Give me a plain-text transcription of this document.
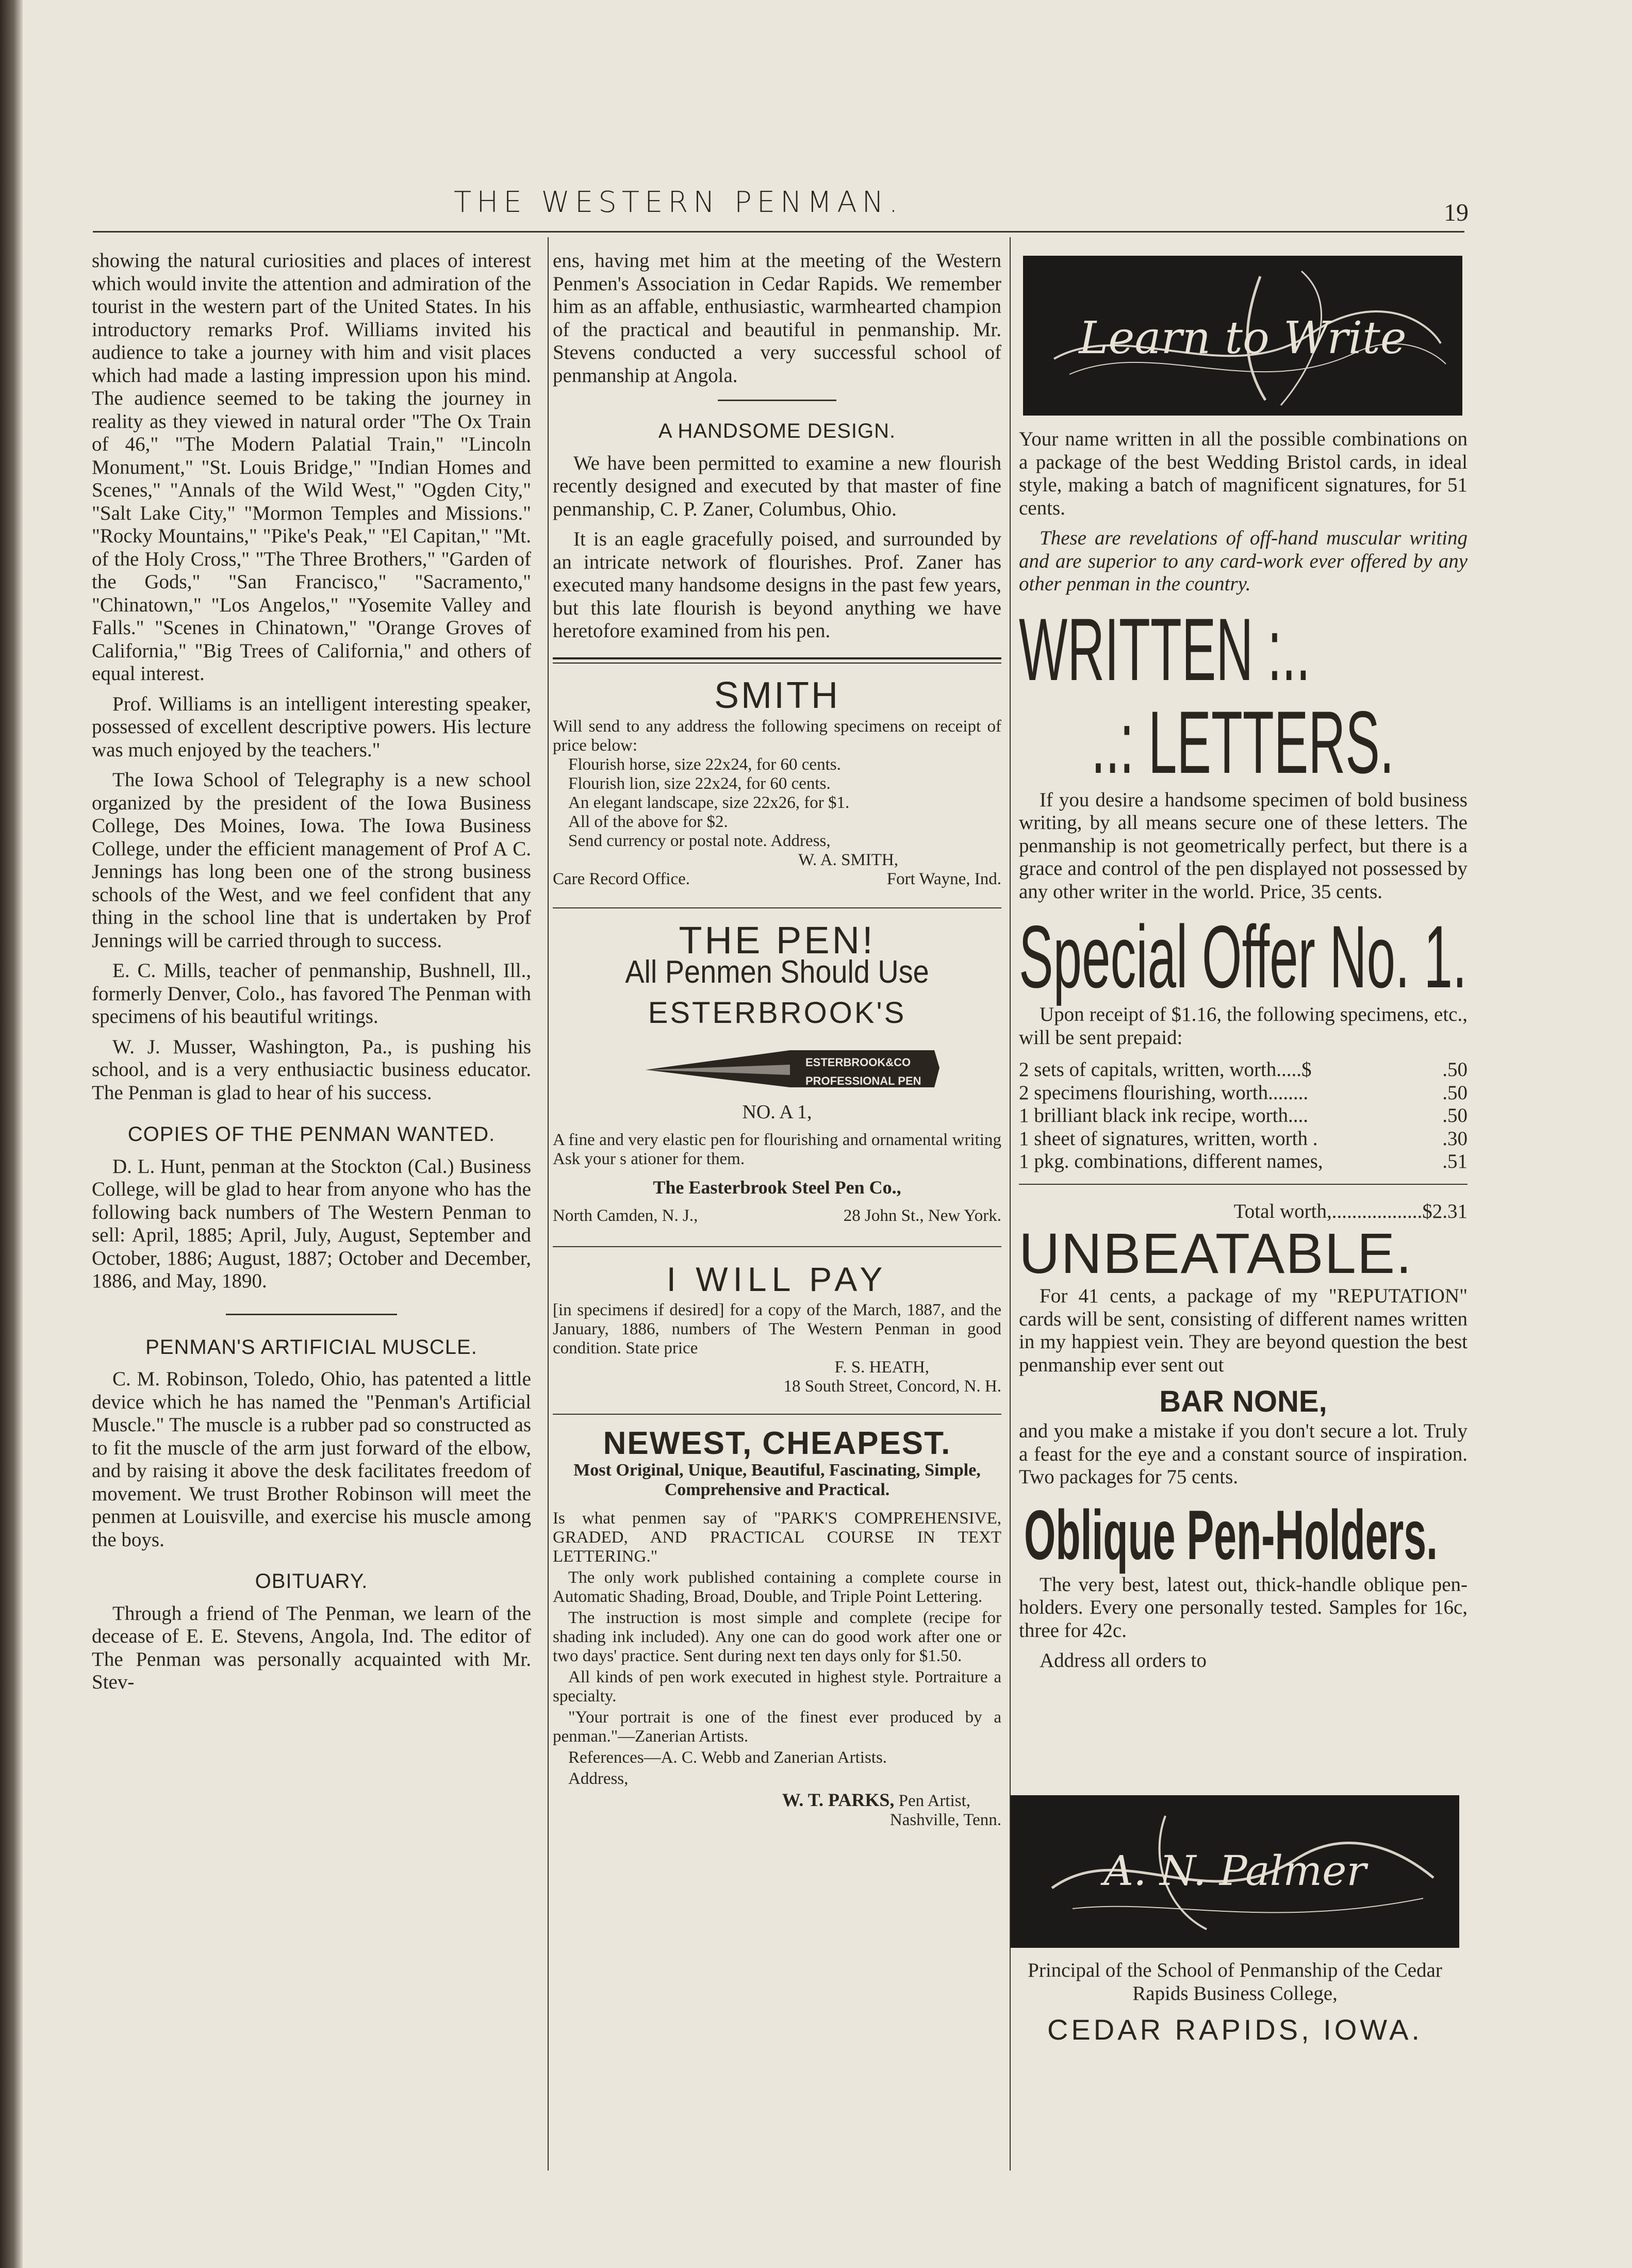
THE WESTERN PENMAN.	19

showing the natural curiosities and places of interest which would invite the attention and admiration of the tourist in the western part of the United States. In his introductory remarks Prof. Williams invited his audience to take a journey with him and visit places which had made a lasting impression upon his mind. The audience seemed to be taking the journey in reality as they viewed in natural order "The Ox Train of 46," "The Modern Palatial Train," "Lincoln Monument," "St. Louis Bridge," "Indian Homes and Scenes," "Annals of the Wild West," "Ogden City," "Salt Lake City," "Mormon Temples and Missions." "Rocky Mountains," "Pike's Peak," "El Capitan," "Mt. of the Holy Cross," "The Three Brothers," "Garden of the Gods," "San Francisco," "Sacramento," "Chinatown," "Los Angelos," "Yosemite Valley and Falls." "Scenes in Chinatown," "Orange Groves of California," "Big Trees of California," and others of equal interest.

Prof. Williams is an intelligent interesting speaker, possessed of excellent descriptive powers. His lecture was much enjoyed by the teachers."

The Iowa School of Telegraphy is a new school organized by the president of the Iowa Business College, Des Moines, Iowa. The Iowa Business College, under the efficient management of Prof A C. Jennings has long been one of the strong business schools of the West, and we feel confident that any thing in the school line that is undertaken by Prof Jennings will be carried through to success.

E. C. Mills, teacher of penmanship, Bushnell, Ill., formerly Denver, Colo., has favored The Penman with specimens of his beautiful writings.

W. J. Musser, Washington, Pa., is pushing his school, and is a very enthusiactic business educator. The Penman is glad to hear of his success.

COPIES OF THE PENMAN WANTED.

D. L. Hunt, penman at the Stockton (Cal.) Business College, will be glad to hear from anyone who has the following back numbers of The Western Penman to sell: April, 1885; April, July, August, September and October, 1886; August, 1887; October and December, 1886, and May, 1890.

PENMAN'S ARTIFICIAL MUSCLE.

C. M. Robinson, Toledo, Ohio, has patented a little device which he has named the "Penman's Artificial Muscle." The muscle is a rubber pad so constructed as to fit the muscle of the arm just forward of the elbow, and by raising it above the desk facilitates freedom of movement. We trust Brother Robinson will meet the penmen at Louisville, and exercise his muscle among the boys.

OBITUARY.

Through a friend of The Penman, we learn of the decease of E. E. Stevens, Angola, Ind. The editor of The Penman was personally acquainted with Mr. Stev-

ens, having met him at the meeting of the Western Penmen's Association in Cedar Rapids. We remember him as an affable, enthusiastic, warmhearted champion of the practical and beautiful in penmanship. Mr. Stevens conducted a very successful school of penmanship at Angola.

A HANDSOME DESIGN.

We have been permitted to examine a new flourish recently designed and executed by that master of fine penmanship, C. P. Zaner, Columbus, Ohio.

It is an eagle gracefully poised, and surrounded by an intricate network of flourishes. Prof. Zaner has executed many handsome designs in the past few years, but this late flourish is beyond anything we have heretofore examined from his pen.

SMITH
Will send to any address the following specimens on receipt of price below:
Flourish horse, size 22x24, for 60 cents.
Flourish lion, size 22x24, for 60 cents.
An elegant landscape, size 22x26, for $1.
All of the above for $2.
Send currency or postal note. Address,
W. A. SMITH,
Care Record Office.	Fort Wayne, Ind.
THE PEN!
All Penmen Should Use
ESTERBROOK'S
ESTERBROOK&CO
PROFESSIONAL PEN
NO. A 1,
A fine and very elastic pen for flourishing and ornamental writing Ask your s ationer for them.
The Easterbrook Steel Pen Co.,
North Camden, N. J.,	28 John St., New York.
I WILL PAY
[in specimens if desired] for a copy of the March, 1887, and the January, 1886, numbers of The Western Penman in good condition. State price
F. S. HEATH,
18 South Street, Concord, N. H.
NEWEST, CHEAPEST.
Most Original, Unique, Beautiful, Fascinating, Simple, Comprehensive and Practical.

Is what penmen say of "PARK'S COMPREHENSIVE, GRADED, AND PRACTICAL COURSE IN TEXT LETTERING."

The only work published containing a complete course in Automatic Shading, Broad, Double, and Triple Point Lettering.

The instruction is most simple and complete (recipe for shading ink included). Any one can do good work after one or two days' practice. Sent during next ten days only for $1.50.

All kinds of pen work executed in highest style. Portraiture a specialty.

"Your portrait is one of the finest ever produced by a penman."—Zanerian Artists.

References—A. C. Webb and Zanerian Artists.

Address,

W. T. PARKS, Pen Artist,
Nashville, Tenn.
Learn to Write

Your name written in all the possible combinations on a package of the best Wedding Bristol cards, in ideal style, making a batch of magnificent signatures, for 51 cents.

These are revelations of off-hand muscular writing and are superior to any card-work ever offered by any other penman in the country.

WRITTEN :..
..: LETTERS.

If you desire a handsome specimen of bold business writing, by all means secure one of these letters. The penmanship is not geometrically perfect, but there is a grace and control of the pen displayed not possessed by any other writer in the world. Price, 35 cents.

Special Offer No. 1.

Upon receipt of $1.16, the following specimens, etc., will be sent prepaid:

2 sets of capitals, written, worth.....$	.50
2 specimens flourishing, worth........	.50
1 brilliant black ink recipe, worth....	.50
1 sheet of signatures, written, worth .	.30
1 pkg. combinations, different names,	.51
Total worth,..................$2.31
UNBEATABLE.

For 41 cents, a package of my "REPUTATION" cards will be sent, consisting of different names written in my happiest vein. They are beyond question the best penmanship ever sent out

BAR NONE,

and you make a mistake if you don't secure a lot. Truly a feast for the eye and a constant source of inspiration. Two packages for 75 cents.

Oblique Pen-Holders.

The very best, latest out, thick-handle oblique pen-holders. Every one personally tested. Samples for 16c, three for 42c.

Address all orders to

A. N. Palmer
Principal of the School of Penmanship of the Cedar Rapids Business College,
CEDAR RAPIDS, IOWA.
